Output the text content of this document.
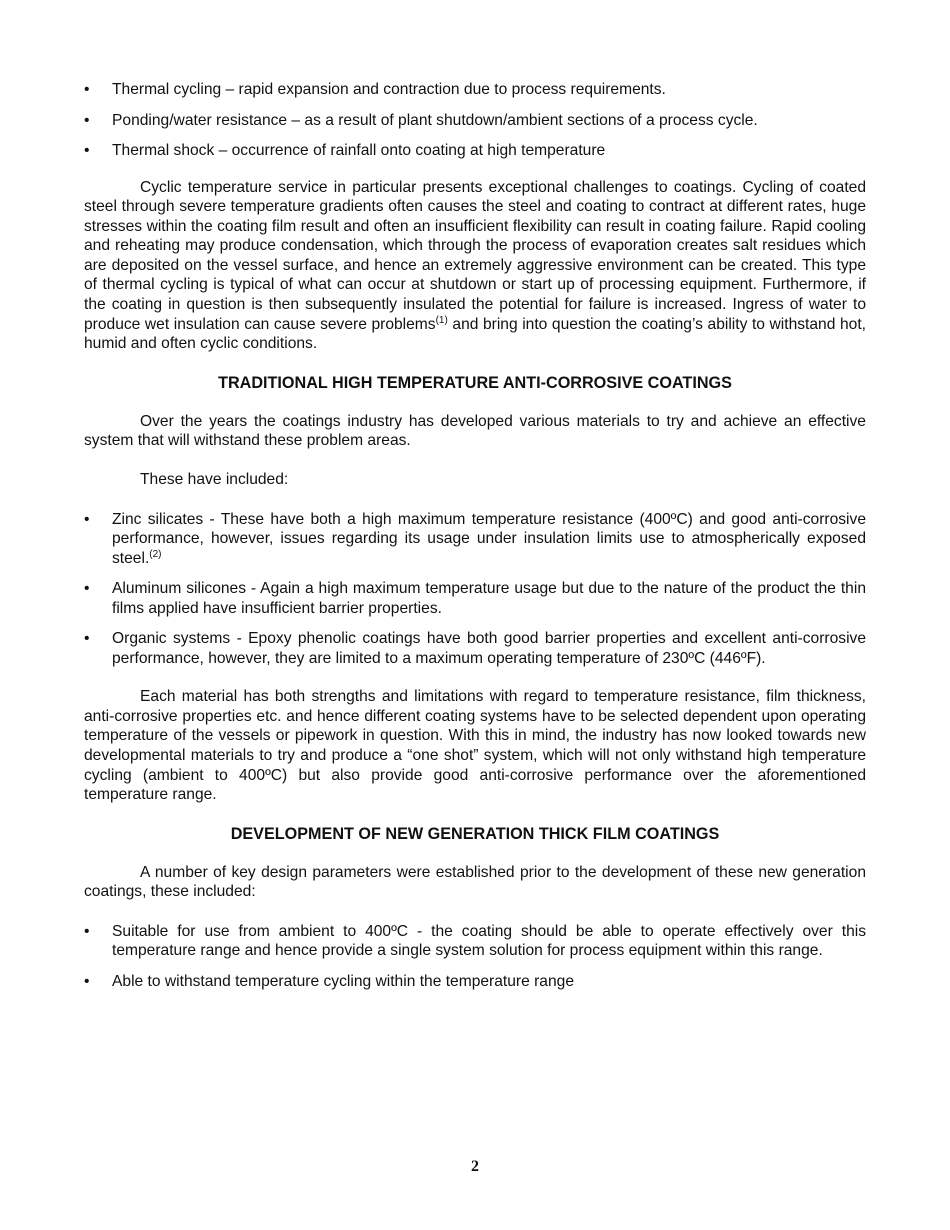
• Thermal cycling – rapid expansion and contraction due to process requirements.
• Ponding/water resistance – as a result of plant shutdown/ambient sections of a process cycle.
• Thermal shock – occurrence of rainfall onto coating at high temperature

Cyclic temperature service in particular presents exceptional challenges to coatings. Cycling of coated steel through severe temperature gradients often causes the steel and coating to contract at different rates, huge stresses within the coating film result and often an insufficient flexibility can result in coating failure. Rapid cooling and reheating may produce condensation, which through the process of evaporation creates salt residues which are deposited on the vessel surface, and hence an extremely aggressive environment can be created. This type of thermal cycling is typical of what can occur at shutdown or start up of processing equipment. Furthermore, if the coating in question is then subsequently insulated the potential for failure is increased. Ingress of water to produce wet insulation can cause severe problems$^{(1)}$ and bring into question the coating’s ability to withstand hot, humid and often cyclic conditions.

TRADITIONAL HIGH TEMPERATURE ANTI-CORROSIVE COATINGS

Over the years the coatings industry has developed various materials to try and achieve an effective system that will withstand these problem areas.

These have included:

• Zinc silicates - These have both a high maximum temperature resistance (400ºC) and good anti-corrosive performance, however, issues regarding its usage under insulation limits use to atmospherically exposed steel.$^{(2)}$
• Aluminum silicones - Again a high maximum temperature usage but due to the nature of the product the thin films applied have insufficient barrier properties.
• Organic systems - Epoxy phenolic coatings have both good barrier properties and excellent anti-corrosive performance, however, they are limited to a maximum operating temperature of 230ºC (446ºF).

Each material has both strengths and limitations with regard to temperature resistance, film thickness, anti-corrosive properties etc. and hence different coating systems have to be selected dependent upon operating temperature of the vessels or pipework in question. With this in mind, the industry has now looked towards new developmental materials to try and produce a “one shot” system, which will not only withstand high temperature cycling (ambient to 400ºC) but also provide good anti-corrosive performance over the aforementioned temperature range.

DEVELOPMENT OF NEW GENERATION THICK FILM COATINGS

A number of key design parameters were established prior to the development of these new generation coatings, these included:

• Suitable for use from ambient to 400ºC - the coating should be able to operate effectively over this temperature range and hence provide a single system solution for process equipment within this range.
• Able to withstand temperature cycling within the temperature range
2
